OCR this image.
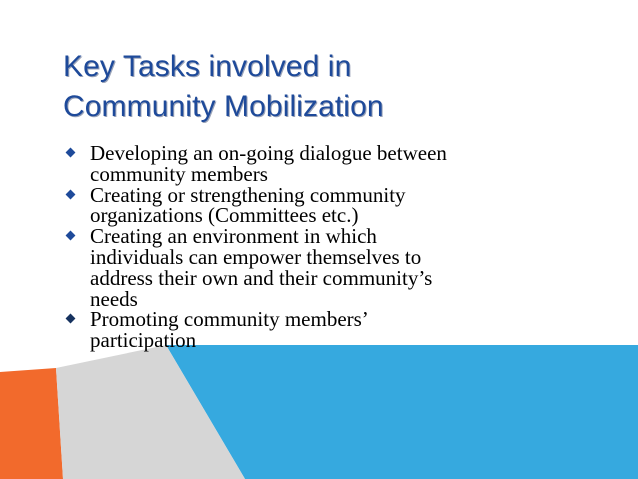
Key Tasks involved in
Community Mobilization
Developing an on-going dialogue between
community members
Creating or strengthening community
organizations (Committees etc.)
Creating an environment in which
individuals can empower themselves to
address their own and their community’s
needs
Promoting community members’
participation
